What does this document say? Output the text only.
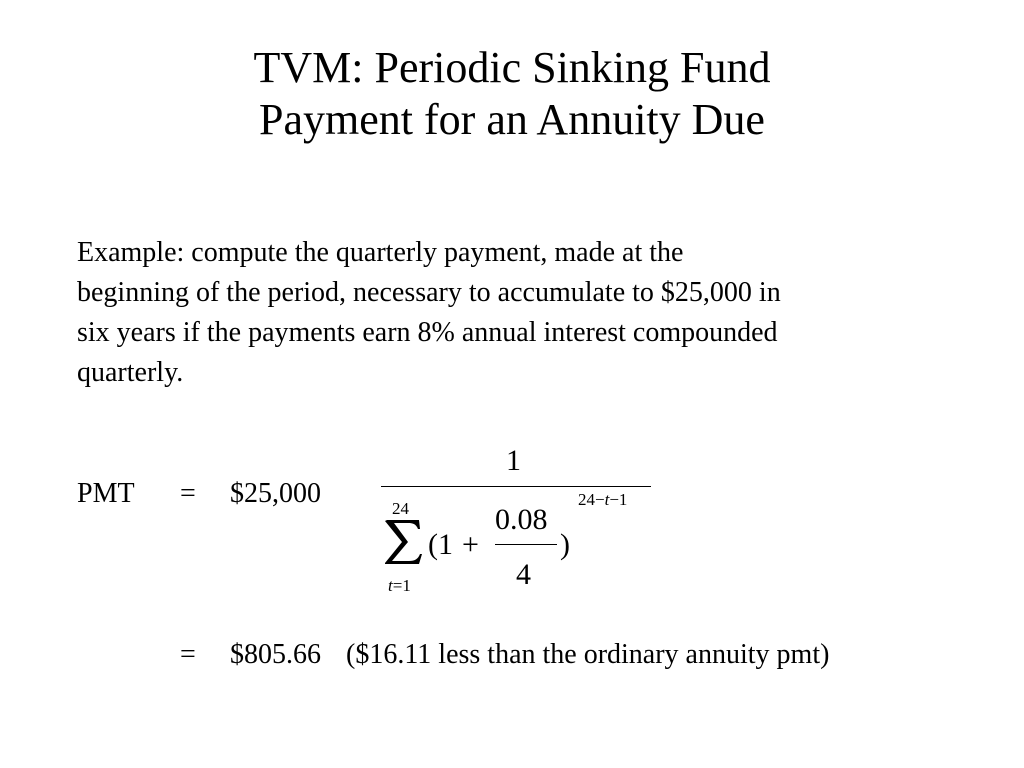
TVM: Periodic Sinking Fund
Payment for an Annuity Due
Example: compute the quarterly payment, made at the
beginning of the period, necessary to accumulate to $25,000 in
six years if the payments earn 8% annual interest compounded
quarterly.
PMT = $25,000
1
24
t=1
(1 +
0.08
4
)
24−t−1
= $805.66 ($16.11 less than the ordinary annuity pmt)
